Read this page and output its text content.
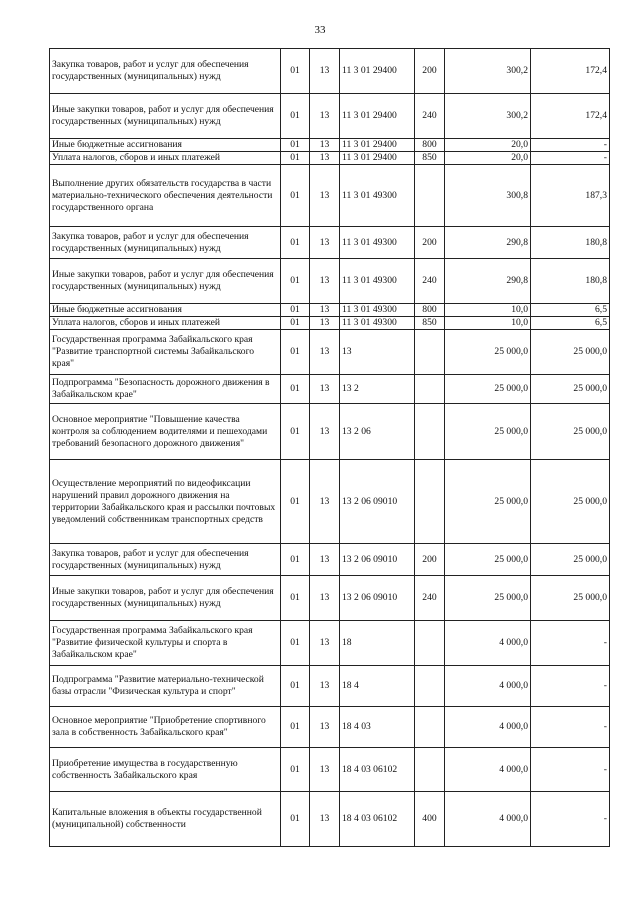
33
Закупка товаров, работ и услуг для обеспечения государственных (муниципальных) нужд	01	13	11 3 01 29400	200	300,2	172,4
Иные закупки товаров, работ и услуг для обеспечения государственных (муниципальных) нужд	01	13	11 3 01 29400	240	300,2	172,4
Иные бюджетные ассигнования	01	13	11 3 01 29400	800	20,0	-
Уплата налогов, сборов и иных платежей	01	13	11 3 01 29400	850	20,0	-
Выполнение других обязательств государства в части материально-технического обеспечения деятельности государственного органа	01	13	11 3 01 49300		300,8	187,3
Закупка товаров, работ и услуг для обеспечения государственных (муниципальных) нужд	01	13	11 3 01 49300	200	290,8	180,8
Иные закупки товаров, работ и услуг для обеспечения государственных (муниципальных) нужд	01	13	11 3 01 49300	240	290,8	180,8
Иные бюджетные ассигнования	01	13	11 3 01 49300	800	10,0	6,5
Уплата налогов, сборов и иных платежей	01	13	11 3 01 49300	850	10,0	6,5
Государственная программа Забайкальского края "Развитие транспортной системы Забайкальского края"	01	13	13		25 000,0	25 000,0
Подпрограмма "Безопасность дорожного движения в Забайкальском крае"	01	13	13 2		25 000,0	25 000,0
Основное мероприятие "Повышение качества контроля за соблюдением водителями и пешеходами требований безопасного дорожного движения"	01	13	13 2 06		25 000,0	25 000,0
Осуществление мероприятий по видеофиксации нарушений правил дорожного движения на территории Забайкальского края и рассылки почтовых уведомлений собственникам транспортных средств	01	13	13 2 06 09010		25 000,0	25 000,0
Закупка товаров, работ и услуг для обеспечения государственных (муниципальных) нужд	01	13	13 2 06 09010	200	25 000,0	25 000,0
Иные закупки товаров, работ и услуг для обеспечения государственных (муниципальных) нужд	01	13	13 2 06 09010	240	25 000,0	25 000,0
Государственная программа Забайкальского края "Развитие физической культуры и спорта в Забайкальском крае"	01	13	18		4 000,0	-
Подпрограмма "Развитие материально-технической базы отрасли "Физическая культура и спорт"	01	13	18 4		4 000,0	-
Основное мероприятие "Приобретение спортивного зала в собственность Забайкальского края"	01	13	18 4 03		4 000,0	-
Приобретение имущества в государственную собственность Забайкальского края	01	13	18 4 03 06102		4 000,0	-
Капитальные вложения в объекты государственной (муниципальной) собственности	01	13	18 4 03 06102	400	4 000,0	-
